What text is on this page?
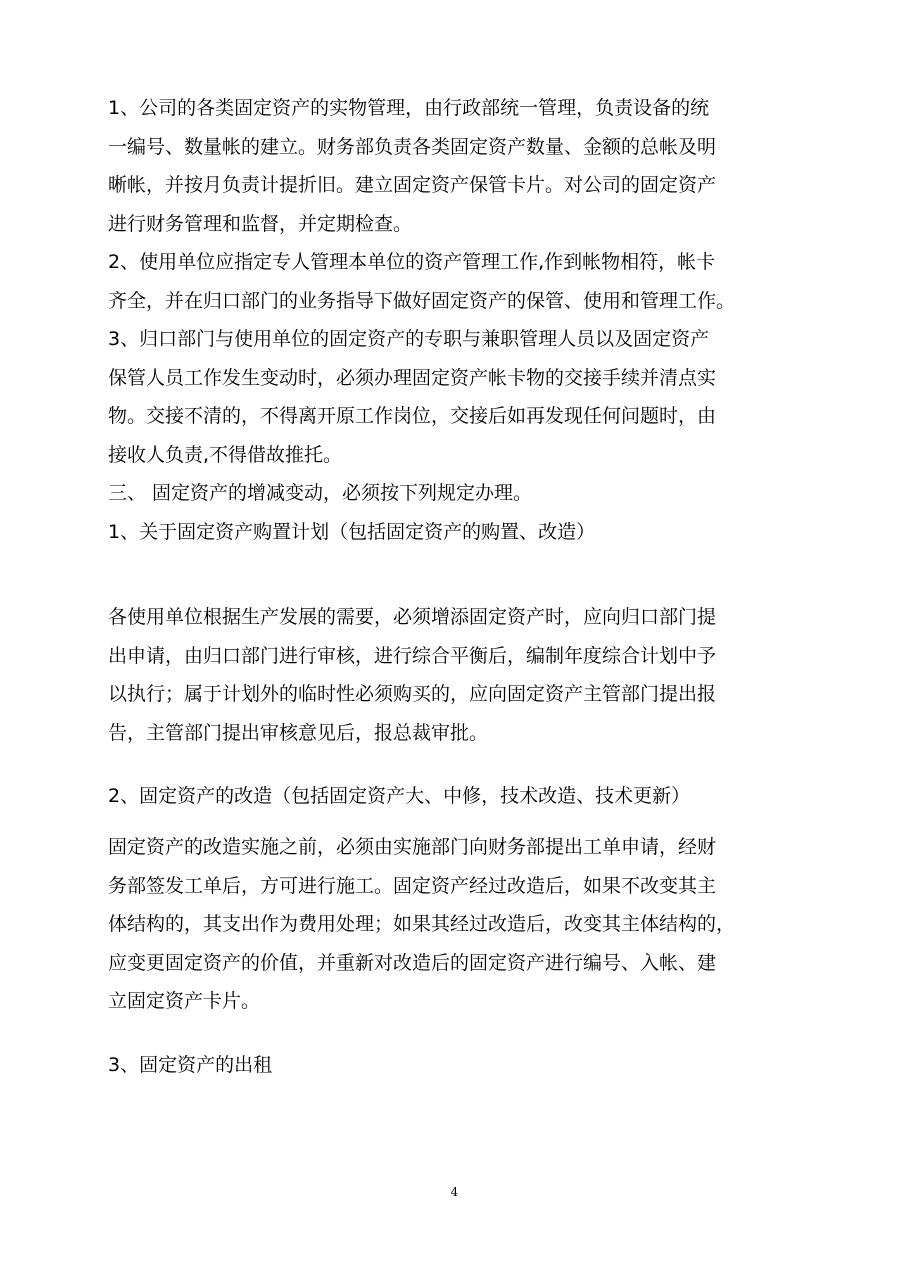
1、公司的各类固定资产的实物管理，由行政部统一管理，负责设备的统
一编号、数量帐的建立。财务部负责各类固定资产数量、金额的总帐及明
晰帐，并按月负责计提折旧。建立固定资产保管卡片。对公司的固定资产
进行财务管理和监督，并定期检查。
2、使用单位应指定专人管理本单位的资产管理工作,作到帐物相符，帐卡
齐全，并在归口部门的业务指导下做好固定资产的保管、使用和管理工作。
3、归口部门与使用单位的固定资产的专职与兼职管理人员以及固定资产
保管人员工作发生变动时，必须办理固定资产帐卡物的交接手续并清点实
物。交接不清的，不得离开原工作岗位，交接后如再发现任何问题时，由
接收人负责,不得借故推托。
三、 固定资产的增减变动，必须按下列规定办理。
1、关于固定资产购置计划（包括固定资产的购置、改造）
各使用单位根据生产发展的需要，必须增添固定资产时，应向归口部门提
出申请，由归口部门进行审核，进行综合平衡后，编制年度综合计划中予
以执行；属于计划外的临时性必须购买的，应向固定资产主管部门提出报
告，主管部门提出审核意见后，报总裁审批。
2、固定资产的改造（包括固定资产大、中修，技术改造、技术更新）
固定资产的改造实施之前，必须由实施部门向财务部提出工单申请，经财
务部签发工单后，方可进行施工。固定资产经过改造后，如果不改变其主
体结构的，其支出作为费用处理；如果其经过改造后，改变其主体结构的，
应变更固定资产的价值，并重新对改造后的固定资产进行编号、入帐、建
立固定资产卡片。
3、固定资产的出租
4
